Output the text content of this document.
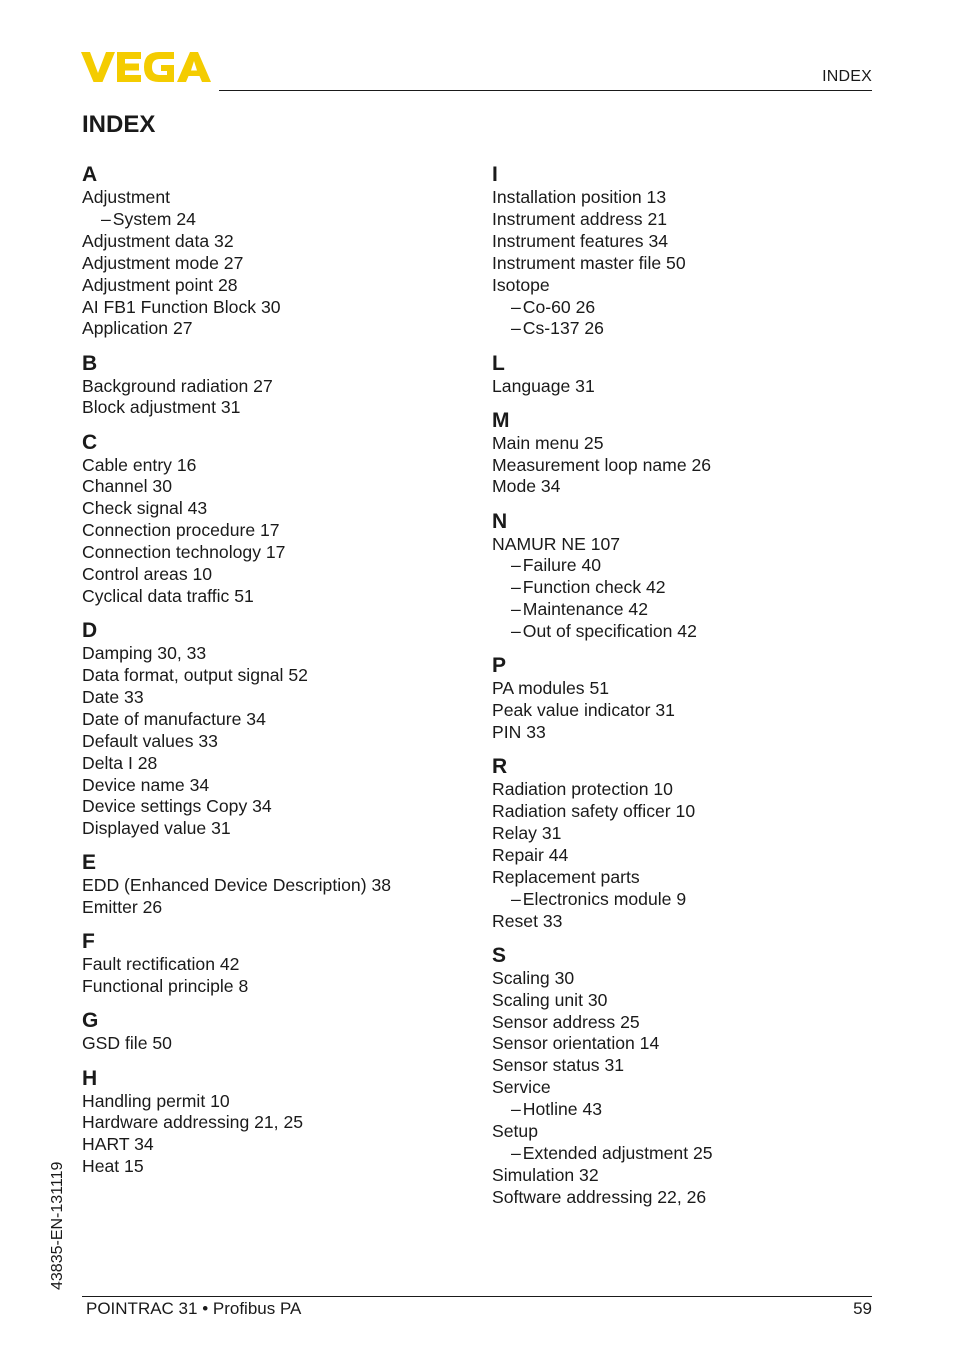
INDEX
INDEX
A
Adjustment
– System 24
Adjustment data 32
Adjustment mode 27
Adjustment point 28
AI FB1 Function Block 30
Application 27
B
Background radiation 27
Block adjustment 31
C
Cable entry 16
Channel 30
Check signal 43
Connection procedure 17
Connection technology 17
Control areas 10
Cyclical data traffic 51
D
Damping 30, 33
Data format, output signal 52
Date 33
Date of manufacture 34
Default values 33
Delta I 28
Device name 34
Device settings Copy 34
Displayed value 31
E
EDD (Enhanced Device Description) 38
Emitter 26
F
Fault rectification 42
Functional principle 8
G
GSD file 50
H
Handling permit 10
Hardware addressing 21, 25
HART 34
Heat 15
I
Installation position 13
Instrument address 21
Instrument features 34
Instrument master file 50
Isotope
– Co-60 26
– Cs-137 26
L
Language 31
M
Main menu 25
Measurement loop name 26
Mode 34
N
NAMUR NE 107
– Failure 40
– Function check 42
– Maintenance 42
– Out of specification 42
P
PA modules 51
Peak value indicator 31
PIN 33
R
Radiation protection 10
Radiation safety officer 10
Relay 31
Repair 44
Replacement parts
– Electronics module 9
Reset 33
S
Scaling 30
Scaling unit 30
Sensor address 25
Sensor orientation 14
Sensor status 31
Service
– Hotline 43
Setup
– Extended adjustment 25
Simulation 32
Software addressing 22, 26
43835-EN-131119
POINTRAC 31 • Profibus PA	59
